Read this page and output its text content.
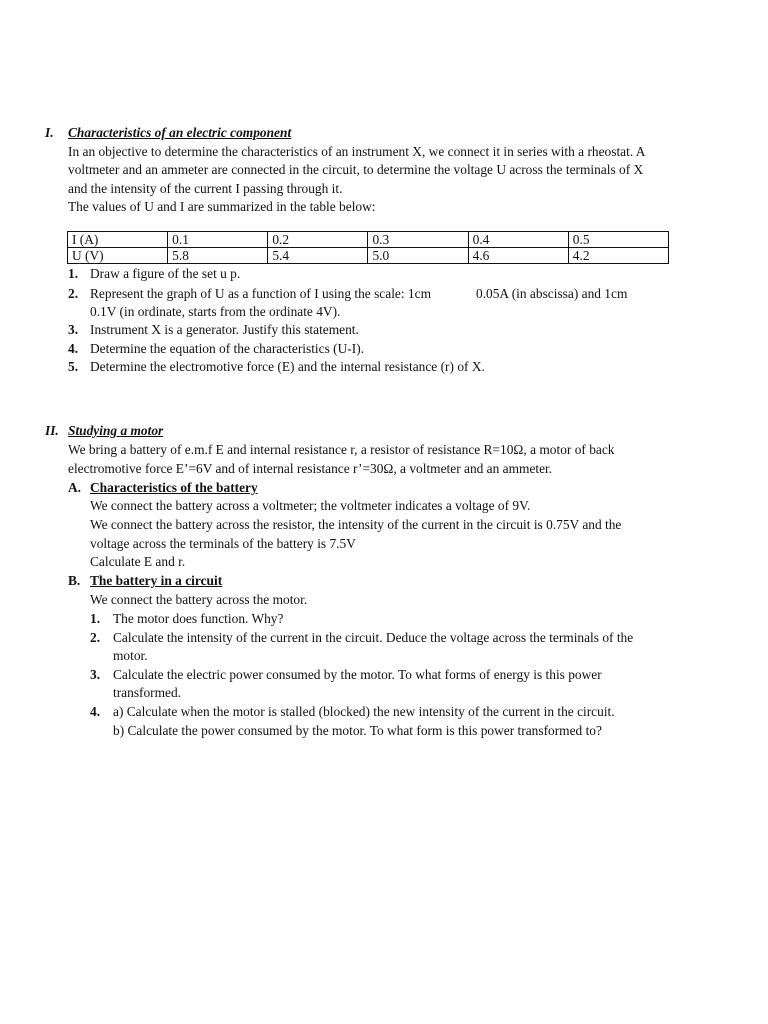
I. Characteristics of an electric component
In an objective to determine the characteristics of an instrument X, we connect it in series with a rheostat. A
voltmeter and an ammeter are connected in the circuit, to determine the voltage U across the terminals of X
and the intensity of the current I passing through it.
The values of U and I are summarized in the table below:
I (A)	0.1	0.2	0.3	0.4	0.5
U (V)	5.8	5.4	5.0	4.6	4.2
1. Draw a figure of the set u p.
2. Represent the graph of U as a function of I using the scale: 1cm	0.05A (in abscissa) and 1cm
0.1V (in ordinate, starts from the ordinate 4V).
3. Instrument X is a generator. Justify this statement.
4. Determine the equation of the characteristics (U-I).
5. Determine the electromotive force (E) and the internal resistance (r) of X.
II. Studying a motor
We bring a battery of e.m.f E and internal resistance r, a resistor of resistance R=10Ω, a motor of back
electromotive force E’=6V and of internal resistance r’=30Ω, a voltmeter and an ammeter.
A. Characteristics of the battery
We connect the battery across a voltmeter; the voltmeter indicates a voltage of 9V.
We connect the battery across the resistor, the intensity of the current in the circuit is 0.75V and the
voltage across the terminals of the battery is 7.5V
Calculate E and r.
B. The battery in a circuit
We connect the battery across the motor.
1. The motor does function. Why?
2. Calculate the intensity of the current in the circuit. Deduce the voltage across the terminals of the
motor.
3. Calculate the electric power consumed by the motor. To what forms of energy is this power
transformed.
4. a) Calculate when the motor is stalled (blocked) the new intensity of the current in the circuit.
b) Calculate the power consumed by the motor. To what form is this power transformed to?
